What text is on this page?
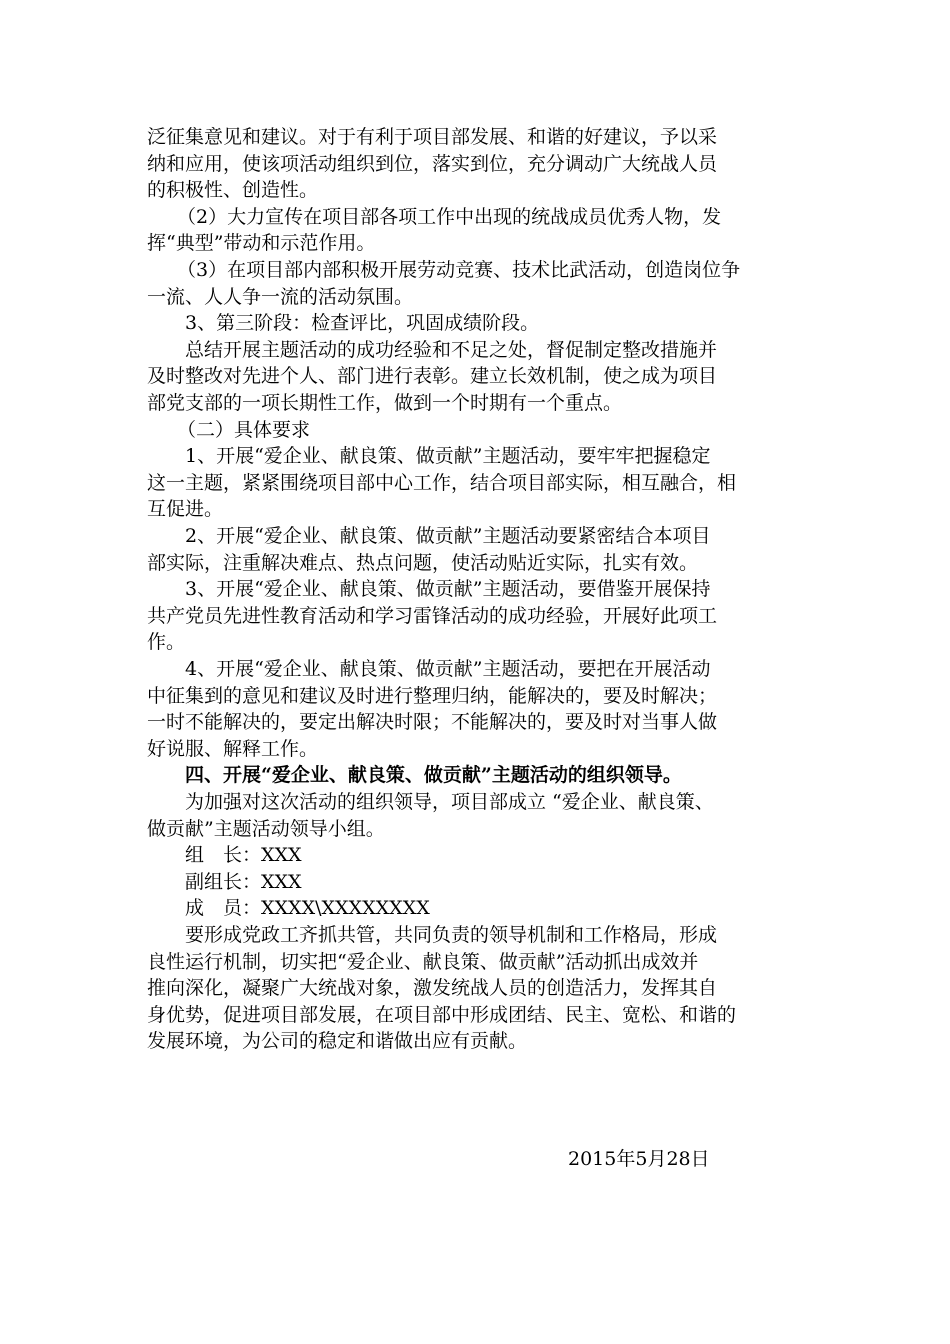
泛征集意见和建议。对于有利于项目部发展、和谐的好建议，予以采
纳和应用，使该项活动组织到位，落实到位，充分调动广大统战人员
的积极性、创造性。
（2）大力宣传在项目部各项工作中出现的统战成员优秀人物，发
挥“典型”带动和示范作用。
（3）在项目部内部积极开展劳动竞赛、技术比武活动，创造岗位争
一流、人人争一流的活动氛围。
3、第三阶段：检查评比，巩固成绩阶段。
总结开展主题活动的成功经验和不足之处，督促制定整改措施并
及时整改对先进个人、部门进行表彰。建立长效机制，使之成为项目
部党支部的一项长期性工作，做到一个时期有一个重点。
（二）具体要求
1、开展“爱企业、献良策、做贡献”主题活动，要牢牢把握稳定
这一主题，紧紧围绕项目部中心工作，结合项目部实际，相互融合，相
互促进。
2、开展“爱企业、献良策、做贡献”主题活动要紧密结合本项目
部实际，注重解决难点、热点问题，使活动贴近实际，扎实有效。
3、开展“爱企业、献良策、做贡献”主题活动，要借鉴开展保持
共产党员先进性教育活动和学习雷锋活动的成功经验，开展好此项工
作。
4、开展“爱企业、献良策、做贡献”主题活动，要把在开展活动
中征集到的意见和建议及时进行整理归纳，能解决的，要及时解决；
一时不能解决的，要定出解决时限；不能解决的，要及时对当事人做
好说服、解释工作。
四、开展“爱企业、献良策、做贡献”主题活动的组织领导。
为加强对这次活动的组织领导，项目部成立 “爱企业、献良策、
做贡献”主题活动领导小组。
组　长：XXX
副组长：XXX
成　员：XXXX\XXXXXXXX
要形成党政工齐抓共管，共同负责的领导机制和工作格局，形成
良性运行机制，切实把“爱企业、献良策、做贡献”活动抓出成效并
推向深化，凝聚广大统战对象，激发统战人员的创造活力，发挥其自
身优势，促进项目部发展，在项目部中形成团结、民主、宽松、和谐的
发展环境，为公司的稳定和谐做出应有贡献。
2015年5月28日
